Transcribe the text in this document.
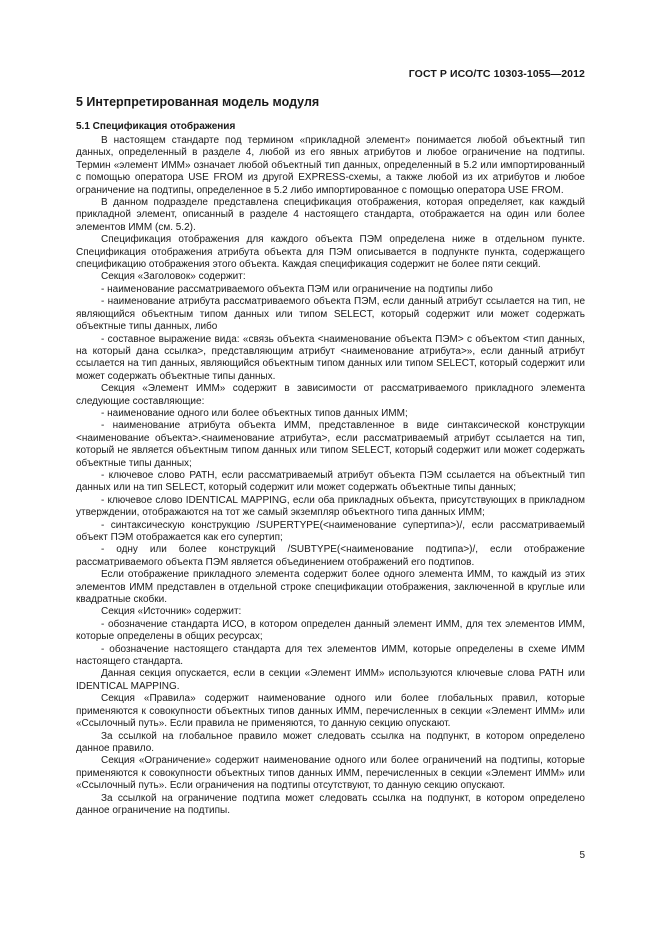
ГОСТ Р ИСО/ТС 10303-1055—2012
5 Интерпретированная модель модуля
5.1 Спецификация отображения

В настоящем стандарте под термином «прикладной элемент» понимается любой объектный тип данных, определенный в разделе 4, любой из его явных атрибутов и любое ограничение на подтипы. Термин «элемент ИММ» означает любой объектный тип данных, определенный в 5.2 или импортированный с помощью оператора USE FROM из другой EXPRESS-схемы, а также любой из их атрибутов и любое ограничение на подтипы, определенное в 5.2 либо импортированное с помощью оператора USE FROM.

В данном подразделе представлена спецификация отображения, которая определяет, как каждый прикладной элемент, описанный в разделе 4 настоящего стандарта, отображается на один или более элементов ИММ (см. 5.2).

Спецификация отображения для каждого объекта ПЭМ определена ниже в отдельном пункте. Спецификация отображения атрибута объекта для ПЭМ описывается в подпункте пункта, содержащего спецификацию отображения этого объекта. Каждая спецификация содержит не более пяти секций.

Секция «Заголовок» содержит:

- наименование рассматриваемого объекта ПЭМ или ограничение на подтипы либо

- наименование атрибута рассматриваемого объекта ПЭМ, если данный атрибут ссылается на тип, не являющийся объектным типом данных или типом SELECT, который содержит или может содержать объектные типы данных, либо

- составное выражение вида: «связь объекта <наименование объекта ПЭМ> с объектом <тип данных, на который дана ссылка>, представляющим атрибут <наименование атрибута>», если данный атрибут ссылается на тип данных, являющийся объектным типом данных или типом SELECT, который содержит или может содержать объектные типы данных.

Секция «Элемент ИММ» содержит в зависимости от рассматриваемого прикладного элемента следующие составляющие:

- наименование одного или более объектных типов данных ИММ;

- наименование атрибута объекта ИММ, представленное в виде синтаксической конструкции <наименование объекта>.<наименование атрибута>, если рассматриваемый атрибут ссылается на тип, который не является объектным типом данных или типом SELECT, который содержит или может содержать объектные типы данных;

- ключевое слово PATH, если рассматриваемый атрибут объекта ПЭМ ссылается на объектный тип данных или на тип SELECT, который содержит или может содержать объектные типы данных;

- ключевое слово IDENTICAL MAPPING, если оба прикладных объекта, присутствующих в прикладном утверждении, отображаются на тот же самый экземпляр объектного типа данных ИММ;

- синтаксическую конструкцию /SUPERTYPE(<наименование супертипа>)/, если рассматриваемый объект ПЭМ отображается как его супертип;

- одну или более конструкций /SUBTYPE(<наименование подтипа>)/, если отображение рассматриваемого объекта ПЭМ является объединением отображений его подтипов.

Если отображение прикладного элемента содержит более одного элемента ИММ, то каждый из этих элементов ИММ представлен в отдельной строке спецификации отображения, заключенной в круглые или квадратные скобки.

Секция «Источник» содержит:

- обозначение стандарта ИСО, в котором определен данный элемент ИММ, для тех элементов ИММ, которые определены в общих ресурсах;

- обозначение настоящего стандарта для тех элементов ИММ, которые определены в схеме ИММ настоящего стандарта.

Данная секция опускается, если в секции «Элемент ИММ» используются ключевые слова PATH или IDENTICAL MAPPING.

Секция «Правила» содержит наименование одного или более глобальных правил, которые применяются к совокупности объектных типов данных ИММ, перечисленных в секции «Элемент ИММ» или «Ссылочный путь». Если правила не применяются, то данную секцию опускают.

За ссылкой на глобальное правило может следовать ссылка на подпункт, в котором определено данное правило.

Секция «Ограничение» содержит наименование одного или более ограничений на подтипы, которые применяются к совокупности объектных типов данных ИММ, перечисленных в секции «Элемент ИММ» или «Ссылочный путь». Если ограничения на подтипы отсутствуют, то данную секцию опускают.

За ссылкой на ограничение подтипа может следовать ссылка на подпункт, в котором определено данное ограничение на подтипы.

5
